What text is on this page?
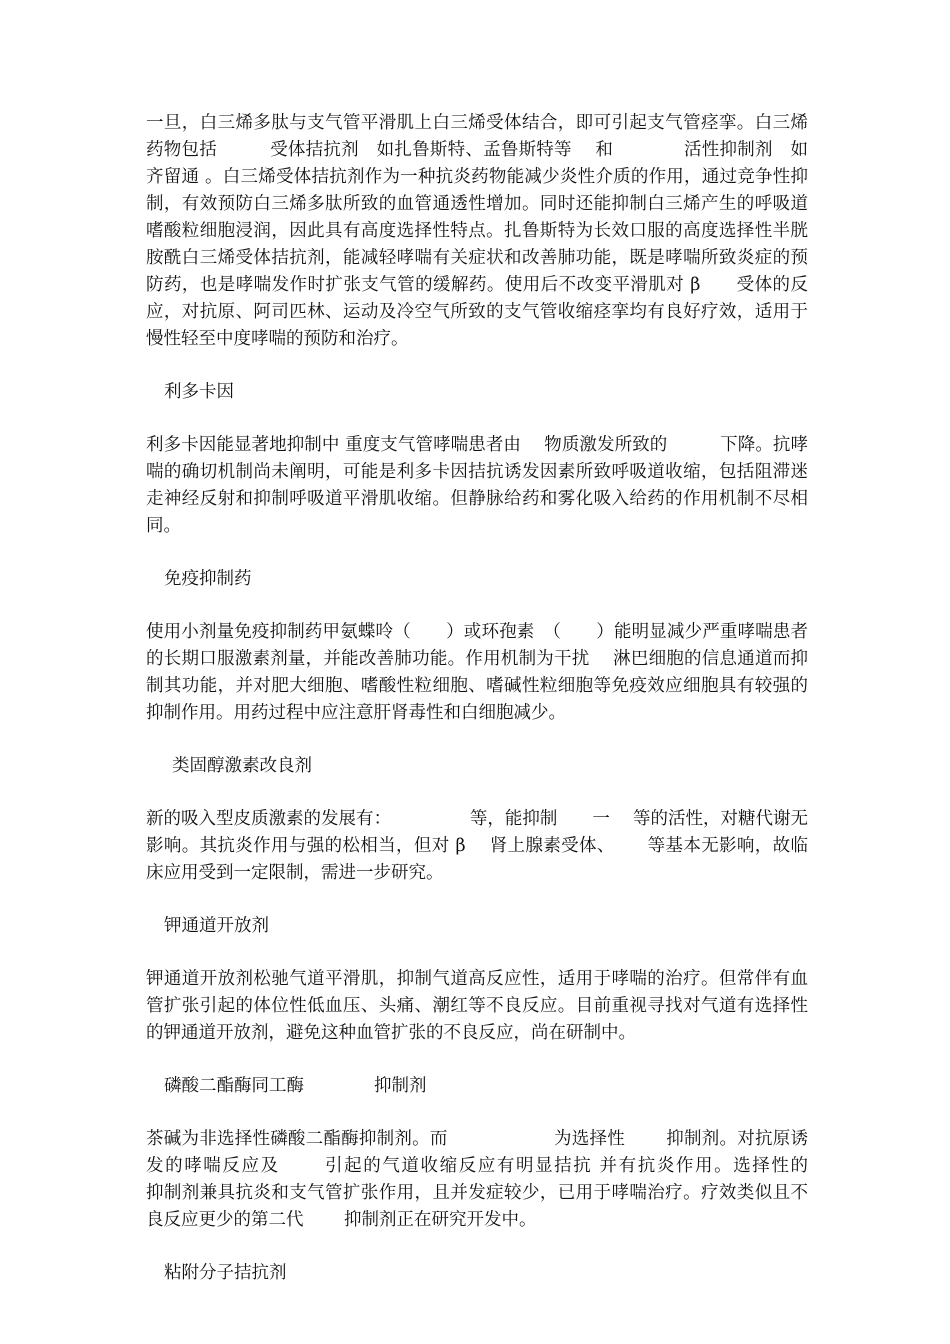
一旦，白三烯多肽与支气管平滑肌上白三烯受体结合，即可引起支气管痉挛。白三烯药物包括　　　受体拮抗剂　如扎鲁斯特、孟鲁斯特等　 和　　　　活性抑制剂　如齐留通 。白三烯受体拮抗剂作为一种抗炎药物能减少炎性介质的作用，通过竞争性抑制，有效预防白三烯多肽所致的血管通透性增加。同时还能抑制白三烯产生的呼吸道嗜酸粒细胞浸润，因此具有高度选择性特点。扎鲁斯特为长效口服的高度选择性半胱胺酰白三烯受体拮抗剂，能减轻哮喘有关症状和改善肺功能，既是哮喘所致炎症的预防药，也是哮喘发作时扩张支气管的缓解药。使用后不改变平滑肌对 β　　受体的反应，对抗原、阿司匹林、运动及冷空气所致的支气管收缩痉挛均有良好疗效，适用于慢性轻至中度哮喘的预防和治疗。

利多卡因

利多卡因能显著地抑制中 重度支气管哮喘患者由　 物质激发所致的　　　下降。抗哮喘的确切机制尚未阐明，可能是利多卡因拮抗诱发因素所致呼吸道收缩，包括阻滞迷走神经反射和抑制呼吸道平滑肌收缩。但静脉给药和雾化吸入给药的作用机制不尽相同。

免疫抑制药

使用小剂量免疫抑制药甲氨蝶呤（　　）或环孢素　（　　）能明显减少严重哮喘患者的长期口服激素剂量，并能改善肺功能。作用机制为干扰　 淋巴细胞的信息通道而抑制其功能，并对肥大细胞、嗜酸性粒细胞、嗜碱性粒细胞等免疫效应细胞具有较强的抑制作用。用药过程中应注意肝肾毒性和白细胞减少。

类固醇激素改良剂

新的吸入型皮质激素的发展有：　　　　　等，能抑制　　一　 等的活性，对糖代谢无影响。其抗炎作用与强的松相当，但对 β　 肾上腺素受体、　　 等基本无影响，故临床应用受到一定限制，需进一步研究。

钾通道开放剂

钾通道开放剂松驰气道平滑肌，抑制气道高反应性，适用于哮喘的治疗。但常伴有血管扩张引起的体位性低血压、头痛、潮红等不良反应。目前重视寻找对气道有选择性的钾通道开放剂，避免这种血管扩张的不良反应，尚在研制中。

磷酸二酯酶同工酶　　　　抑制剂

茶碱为非选择性磷酸二酯酶抑制剂。而　　　　　　为选择性　　 抑制剂。对抗原诱发的哮喘反应及　　 引起的气道收缩反应有明显拮抗 并有抗炎作用。选择性的　　 抑制剂兼具抗炎和支气管扩张作用，且并发症较少，已用于哮喘治疗。疗效类似且不良反应更少的第二代　　 抑制剂正在研究开发中。

粘附分子拮抗剂
